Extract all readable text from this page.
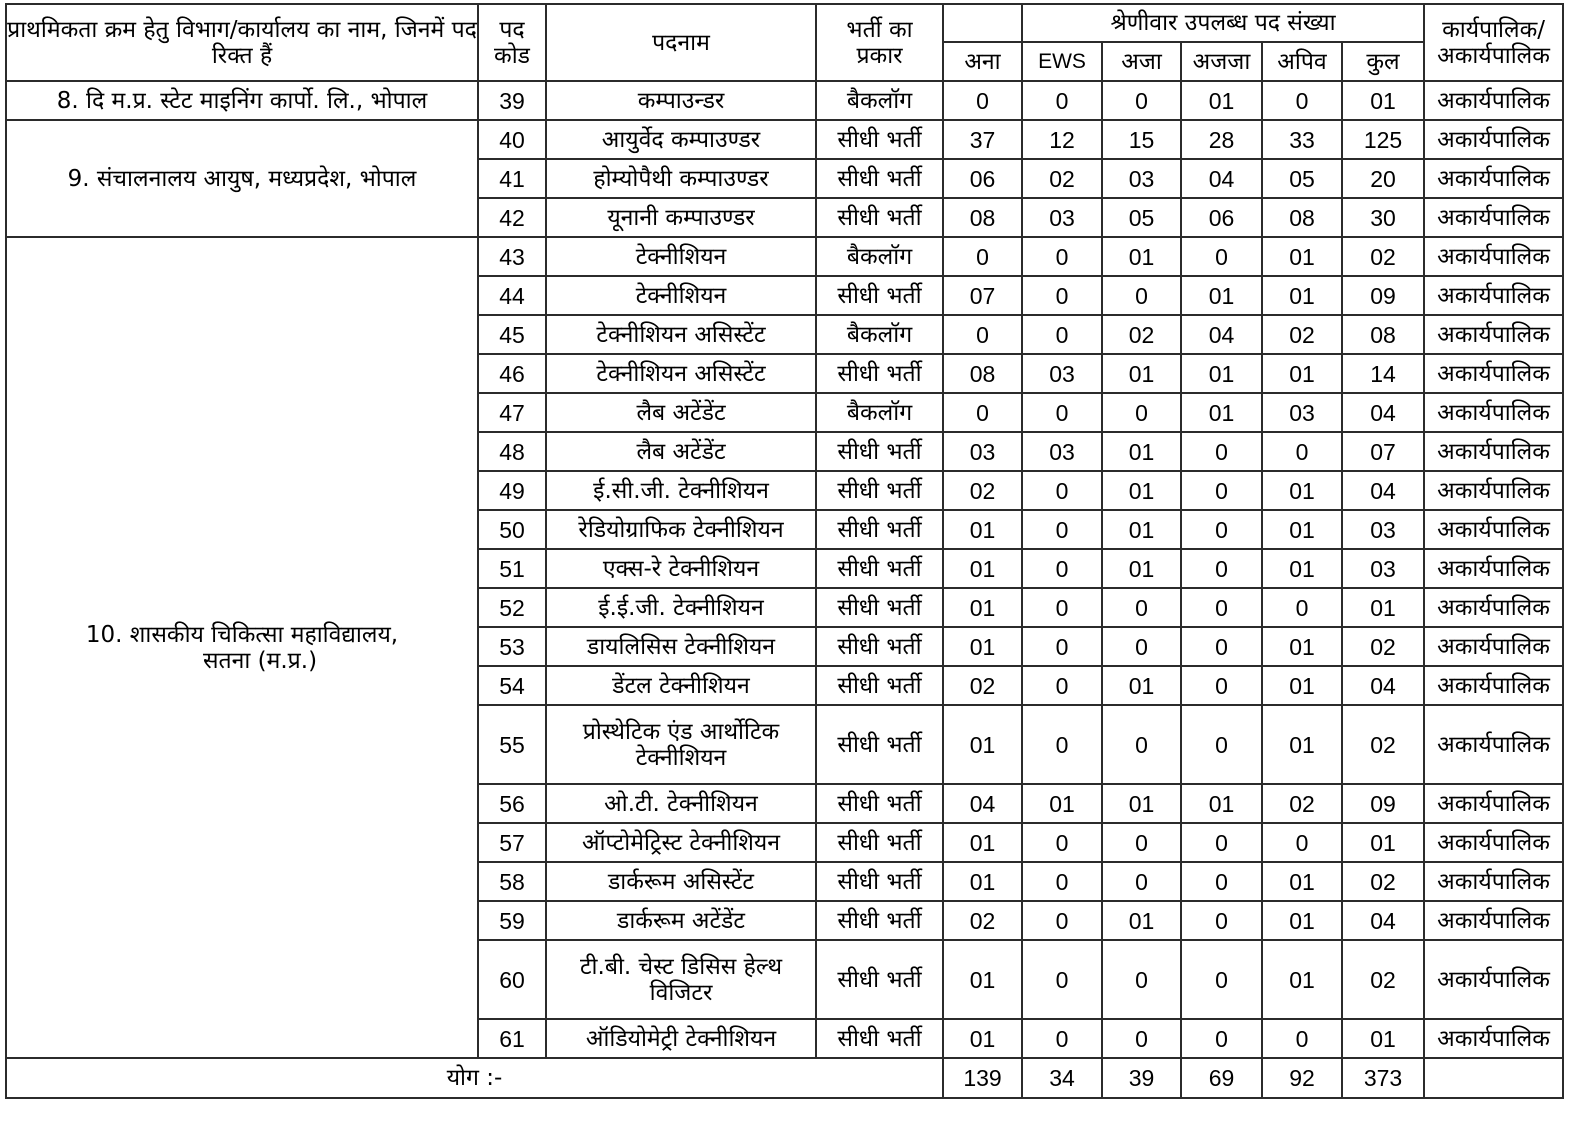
प्राथमिकता क्रम हेतु विभाग/कार्यालय का नाम, जिनमें पद रिक्त हैं	पद कोड	पदनाम	भर्ती का प्रकार		श्रेणीवार उपलब्ध पद संख्या					कार्यपालिक/ अकार्यपालिक
				अना	EWS	अजा	अजजा	अपिव	कुल	
8. दि म.प्र. स्टेट माइनिंग कार्पो. लि., भोपाल	39	कम्पाउन्डर	बैकलॉग	0	0	0	01	0	01	अकार्यपालिक
9. संचालनालय आयुष, मध्यप्रदेश, भोपाल	40	आयुर्वेद कम्पाउण्डर	सीधी भर्ती	37	12	15	28	33	125	अकार्यपालिक
	41	होम्योपैथी कम्पाउण्डर	सीधी भर्ती	06	02	03	04	05	20	अकार्यपालिक
	42	यूनानी कम्पाउण्डर	सीधी भर्ती	08	03	05	06	08	30	अकार्यपालिक
10. शासकीय चिकित्सा महाविद्यालय,
सतना (म.प्र.)	43	टेक्नीशियन	बैकलॉग	0	0	01	0	01	02	अकार्यपालिक
	44	टेक्नीशियन	सीधी भर्ती	07	0	0	01	01	09	अकार्यपालिक
	45	टेक्नीशियन असिस्टेंट	बैकलॉग	0	0	02	04	02	08	अकार्यपालिक
	46	टेक्नीशियन असिस्टेंट	सीधी भर्ती	08	03	01	01	01	14	अकार्यपालिक
	47	लैब अटेंडेंट	बैकलॉग	0	0	0	01	03	04	अकार्यपालिक
	48	लैब अटेंडेंट	सीधी भर्ती	03	03	01	0	0	07	अकार्यपालिक
	49	ई.सी.जी. टेक्नीशियन	सीधी भर्ती	02	0	01	0	01	04	अकार्यपालिक
	50	रेडियोग्राफिक टेक्नीशियन	सीधी भर्ती	01	0	01	0	01	03	अकार्यपालिक
	51	एक्स-रे टेक्नीशियन	सीधी भर्ती	01	0	01	0	01	03	अकार्यपालिक
	52	ई.ई.जी. टेक्नीशियन	सीधी भर्ती	01	0	0	0	0	01	अकार्यपालिक
	53	डायलिसिस टेक्नीशियन	सीधी भर्ती	01	0	0	0	01	02	अकार्यपालिक
	54	डेंटल टेक्नीशियन	सीधी भर्ती	02	0	01	0	01	04	अकार्यपालिक
	55	प्रोस्थेटिक एंड आर्थोटिक टेक्नीशियन	सीधी भर्ती	01	0	0	0	01	02	अकार्यपालिक
	56	ओ.टी. टेक्नीशियन	सीधी भर्ती	04	01	01	01	02	09	अकार्यपालिक
	57	ऑप्टोमेट्रिस्ट टेक्नीशियन	सीधी भर्ती	01	0	0	0	0	01	अकार्यपालिक
	58	डार्करूम असिस्टेंट	सीधी भर्ती	01	0	0	0	01	02	अकार्यपालिक
	59	डार्करूम अटेंडेंट	सीधी भर्ती	02	0	01	0	01	04	अकार्यपालिक
	60	टी.बी. चेस्ट डिसिस हेल्थ विजिटर	सीधी भर्ती	01	0	0	0	01	02	अकार्यपालिक
	61	ऑडियोमेट्री टेक्नीशियन	सीधी भर्ती	01	0	0	0	0	01	अकार्यपालिक
योग :-				139	34	39	69	92	373	
